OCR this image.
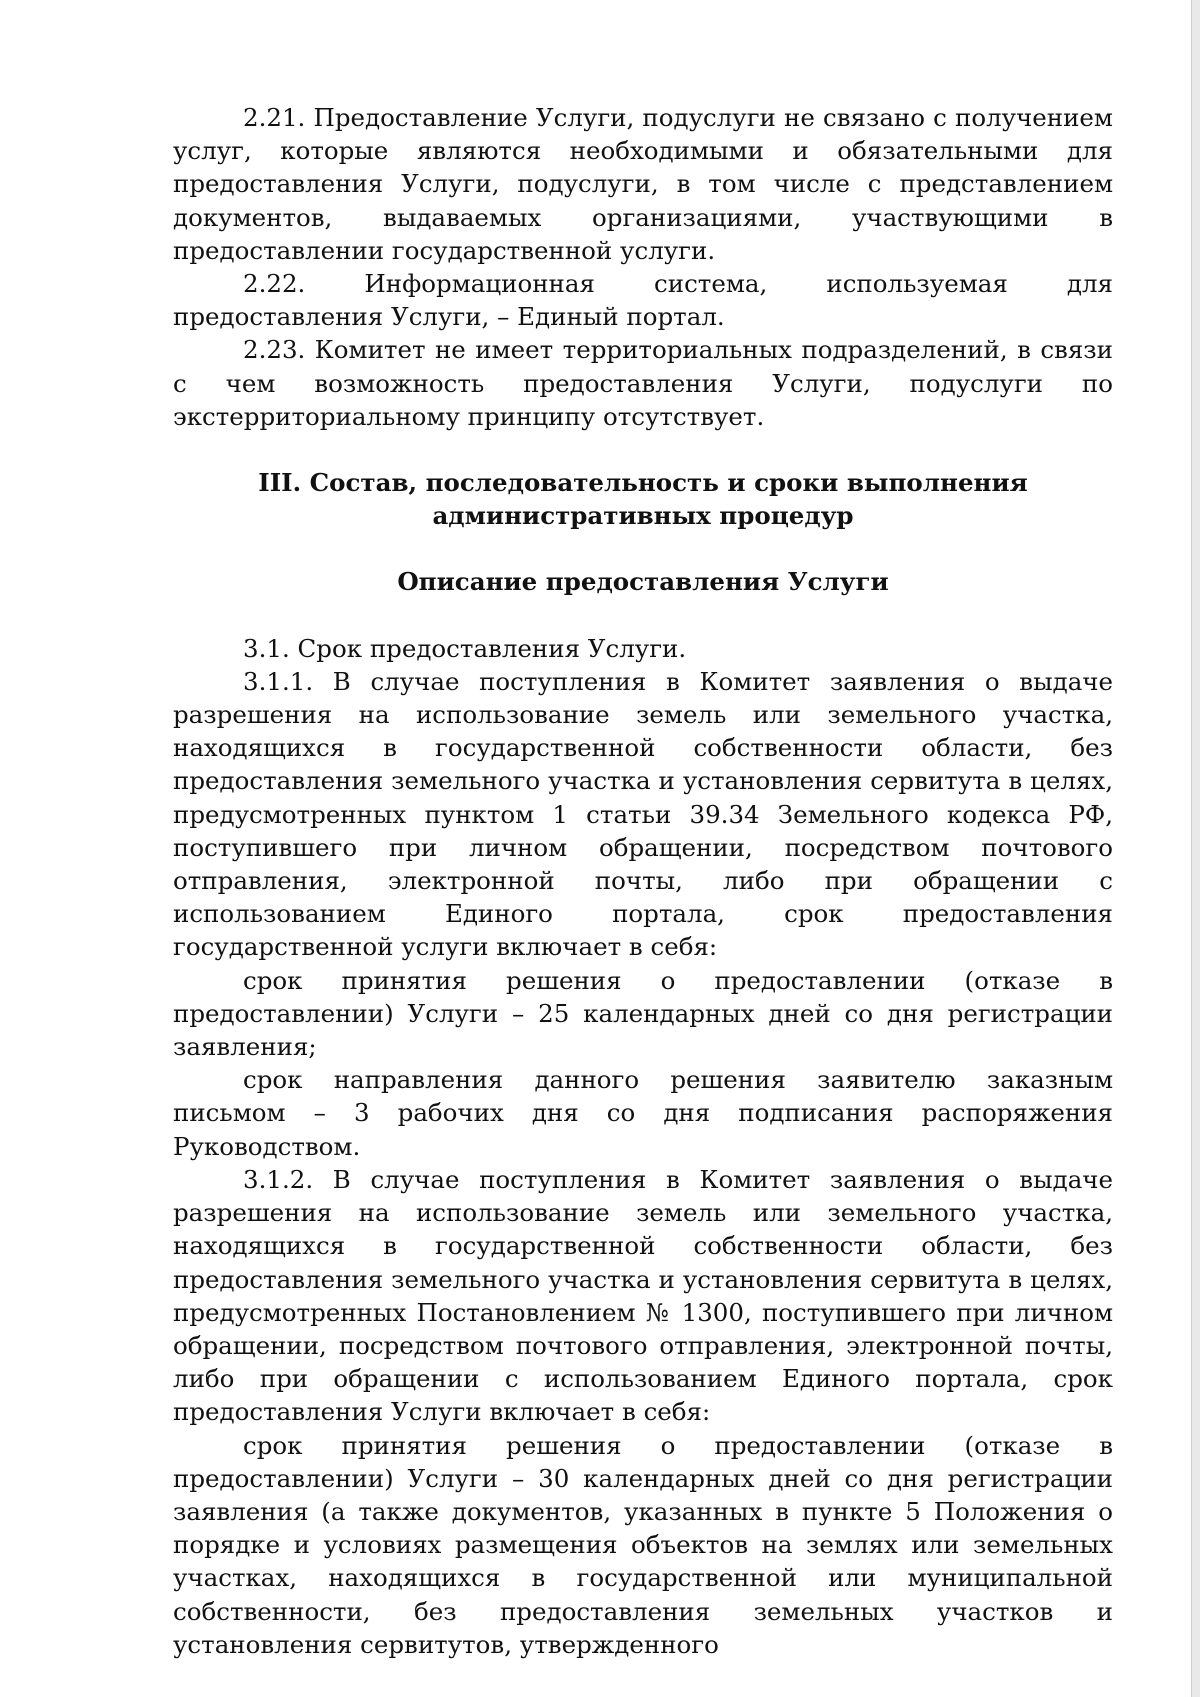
2.21. Предоставление Услуги, подуслуги не связано с получением услуг, которые являются необходимыми и обязательными для предоставления Услуги, подуслуги, в том числе с представлением документов, выдаваемых организациями, участвующими в предоставлении государственной услуги.

2.22. Информационная система, используемая для предоставления Услуги, – Единый портал.

2.23. Комитет не имеет территориальных подразделений, в связи с чем возможность предоставления Услуги, подуслуги по экстерриториальному принципу отсутствует.

III. Состав, последовательность и сроки выполнения
административных процедур
Описание предоставления Услуги

3.1. Срок предоставления Услуги.

3.1.1. В случае поступления в Комитет заявления о выдаче разрешения на использование земель или земельного участка, находящихся в государственной собственности области, без предоставления земельного участка и установления сервитута в целях, предусмотренных пунктом 1 статьи 39.34 Земельного кодекса РФ, поступившего при личном обращении, посредством почтового отправления, электронной почты, либо при обращении с использованием Единого портала, срок предоставления государственной услуги включает в себя:

срок принятия решения о предоставлении (отказе в предоставлении) Услуги – 25 календарных дней со дня регистрации заявления;

срок направления данного решения заявителю заказным письмом – 3 рабочих дня со дня подписания распоряжения Руководством.

3.1.2. В случае поступления в Комитет заявления о выдаче разрешения на использование земель или земельного участка, находящихся в государственной собственности области, без предоставления земельного участка и установления сервитута в целях, предусмотренных Постановлением № 1300, поступившего при личном обращении, посредством почтового отправления, электронной почты, либо при обращении с использованием Единого портала, срок предоставления Услуги включает в себя:

срок принятия решения о предоставлении (отказе в предоставлении) Услуги – 30 календарных дней со дня регистрации заявления (а также документов, указанных в пункте 5 Положения о порядке и условиях размещения объектов на землях или земельных участках, находящихся в государственной или муниципальной собственности, без предоставления земельных участков и установления сервитутов, утвержденного
